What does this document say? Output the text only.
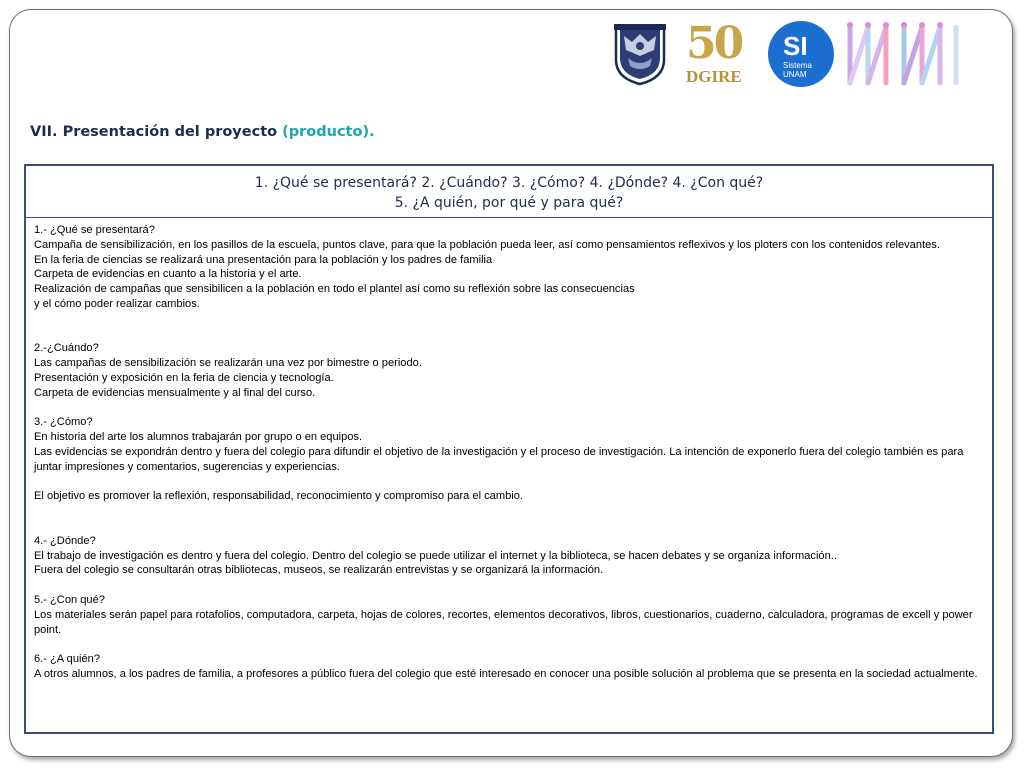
50
DGIRE
SI
Sistema
UNAM
VII. Presentación del proyecto (producto).
1. ¿Qué se presentará? 2. ¿Cuándo? 3. ¿Cómo? 4. ¿Dónde? 4. ¿Con qué?
5. ¿A quién, por qué y para qué?

1.- ¿Qué se presentará?

Campaña de sensibilización, en los pasillos de la escuela, puntos clave, para que la población pueda leer, así como pensamientos reflexivos y los ploters con los contenidos relevantes.

En la feria de ciencias se realizará una presentación para la población y los padres de familia

Carpeta de evidencias en cuanto a la historia y el arte.

Realización de campañas que sensibilicen a la población en todo el plantel así como su reflexión sobre las consecuencias

y el cómo poder realizar cambios.

2.-¿Cuándo?

Las campañas de sensibilización se realizarán una vez por bimestre o periodo.

Presentación y exposición en la feria de ciencia y tecnología.

Carpeta de evidencias mensualmente y al final del curso.

3.- ¿Cómo?

En historia del arte los alumnos trabajarán por grupo o en equipos.

Las evidencias se expondrán dentro y fuera del colegio para difundir el objetivo de la investigación y el proceso de investigación. La intención de exponerlo fuera del colegio también es para juntar impresiones y comentarios, sugerencias y experiencias.

El objetivo es promover la reflexión, responsabilidad, reconocimiento y compromiso para el cambio.

4.- ¿Dónde?

El trabajo de investigación es dentro y fuera del colegio. Dentro del colegio se puede utilizar el internet y la biblioteca, se hacen debates y se organiza información..

Fuera del colegio se consultarán otras bibliotecas, museos, se realizarán entrevistas y se organizará la información.

5.- ¿Con qué?

Los materiales serán papel para rotafolios, computadora, carpeta, hojas de colores, recortes, elementos decorativos, libros, cuestionarios, cuaderno, calculadora, programas de excell y power point.

6.- ¿A quién?

A otros alumnos, a los padres de familia, a profesores a público fuera del colegio que esté interesado en conocer una posible solución al problema que se presenta en la sociedad actualmente.
